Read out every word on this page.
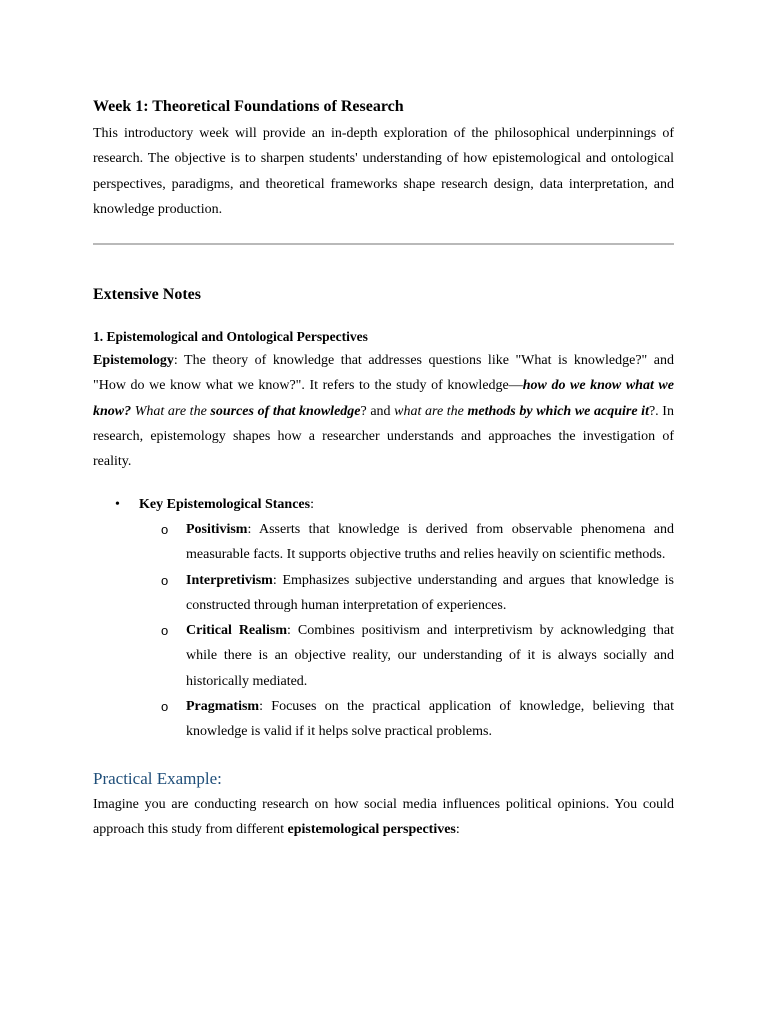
Week 1: Theoretical Foundations of Research

This introductory week will provide an in-depth exploration of the philosophical underpinnings of research. The objective is to sharpen students' understanding of how epistemological and ontological perspectives, paradigms, and theoretical frameworks shape research design, data interpretation, and knowledge production.

Extensive Notes
1. Epistemological and Ontological Perspectives

Epistemology: The theory of knowledge that addresses questions like "What is knowledge?" and "How do we know what we know?". It refers to the study of knowledge—how do we know what we know? What are the sources of that knowledge? and what are the methods by which we acquire it?. In research, epistemology shapes how a researcher understands and approaches the investigation of reality.

• Key Epistemological Stances:
o Positivism: Asserts that knowledge is derived from observable phenomena and measurable facts. It supports objective truths and relies heavily on scientific methods.
o Interpretivism: Emphasizes subjective understanding and argues that knowledge is constructed through human interpretation of experiences.
o Critical Realism: Combines positivism and interpretivism by acknowledging that while there is an objective reality, our understanding of it is always socially and historically mediated.
o Pragmatism: Focuses on the practical application of knowledge, believing that knowledge is valid if it helps solve practical problems.
Practical Example:

Imagine you are conducting research on how social media influences political opinions. You could approach this study from different epistemological perspectives:
